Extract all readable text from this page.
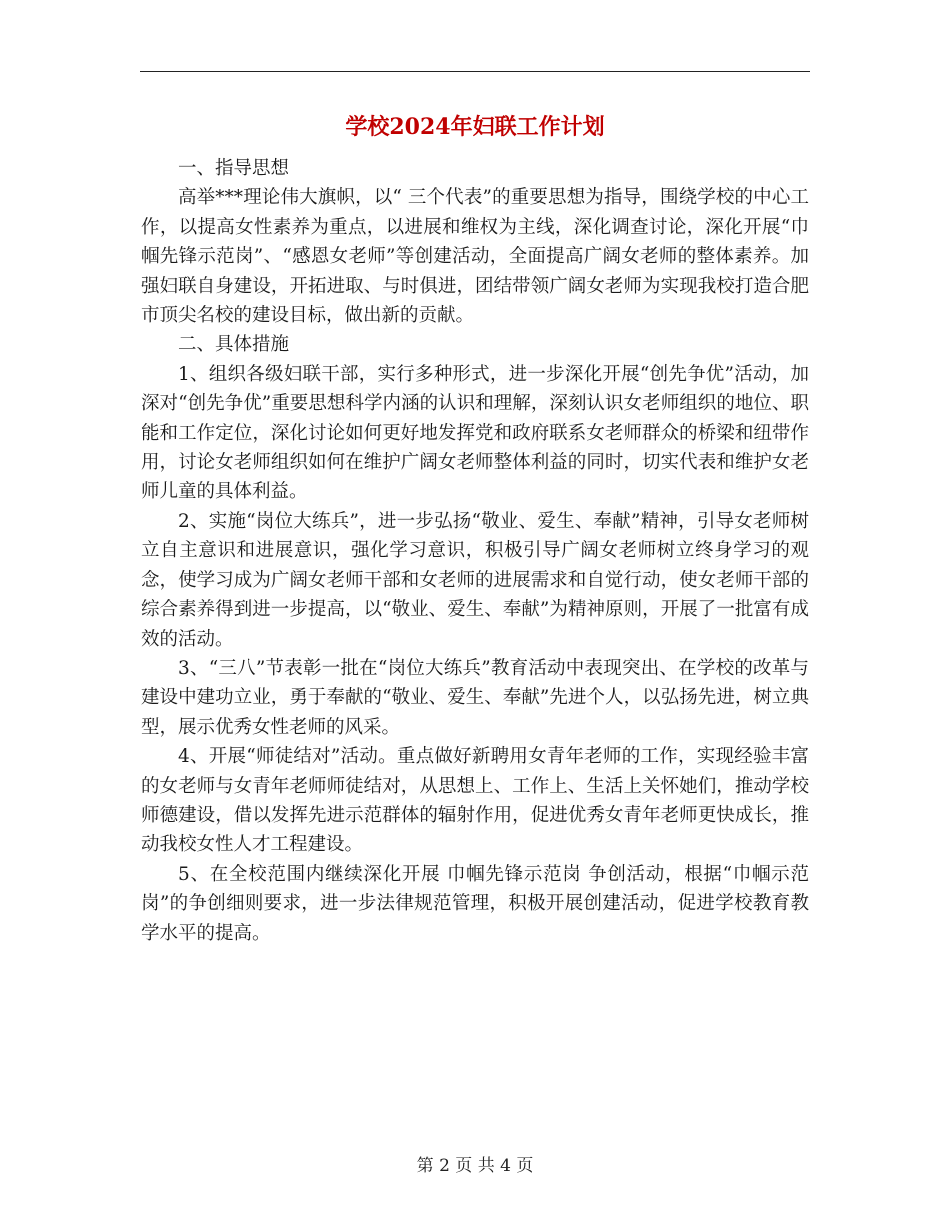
学校2024年妇联工作计划

一、指导思想

高举***理论伟大旗帜，以“ 三个代表”的重要思想为指导，围绕学校的中心工作，以提高女性素养为重点，以进展和维权为主线，深化调查讨论，深化开展“巾帼先锋示范岗”、“感恩女老师”等创建活动，全面提高广阔女老师的整体素养。加强妇联自身建设，开拓进取、与时俱进，团结带领广阔女老师为实现我校打造合肥市顶尖名校的建设目标，做出新的贡献。

二、具体措施

1、组织各级妇联干部，实行多种形式，进一步深化开展“创先争优”活动，加深对“创先争优”重要思想科学内涵的认识和理解，深刻认识女老师组织的地位、职能和工作定位，深化讨论如何更好地发挥党和政府联系女老师群众的桥梁和纽带作用，讨论女老师组织如何在维护广阔女老师整体利益的同时，切实代表和维护女老师儿童的具体利益。

2、实施“岗位大练兵”，进一步弘扬“敬业、爱生、奉献”精神，引导女老师树立自主意识和进展意识，强化学习意识，积极引导广阔女老师树立终身学习的观念，使学习成为广阔女老师干部和女老师的进展需求和自觉行动，使女老师干部的综合素养得到进一步提高，以“敬业、爱生、奉献”为精神原则，开展了一批富有成效的活动。

3、“三八”节表彰一批在“岗位大练兵”教育活动中表现突出、在学校的改革与建设中建功立业，勇于奉献的“敬业、爱生、奉献”先进个人，以弘扬先进，树立典型，展示优秀女性老师的风采。

4、开展“师徒结对”活动。重点做好新聘用女青年老师的工作，实现经验丰富的女老师与女青年老师师徒结对，从思想上、工作上、生活上关怀她们，推动学校师德建设，借以发挥先进示范群体的辐射作用，促进优秀女青年老师更快成长，推动我校女性人才工程建设。

5、在全校范围内继续深化开展 巾帼先锋示范岗 争创活动，根据“巾帼示范岗”的争创细则要求，进一步法律规范管理，积极开展创建活动，促进学校教育教学水平的提高。

第 2 页 共 4 页
